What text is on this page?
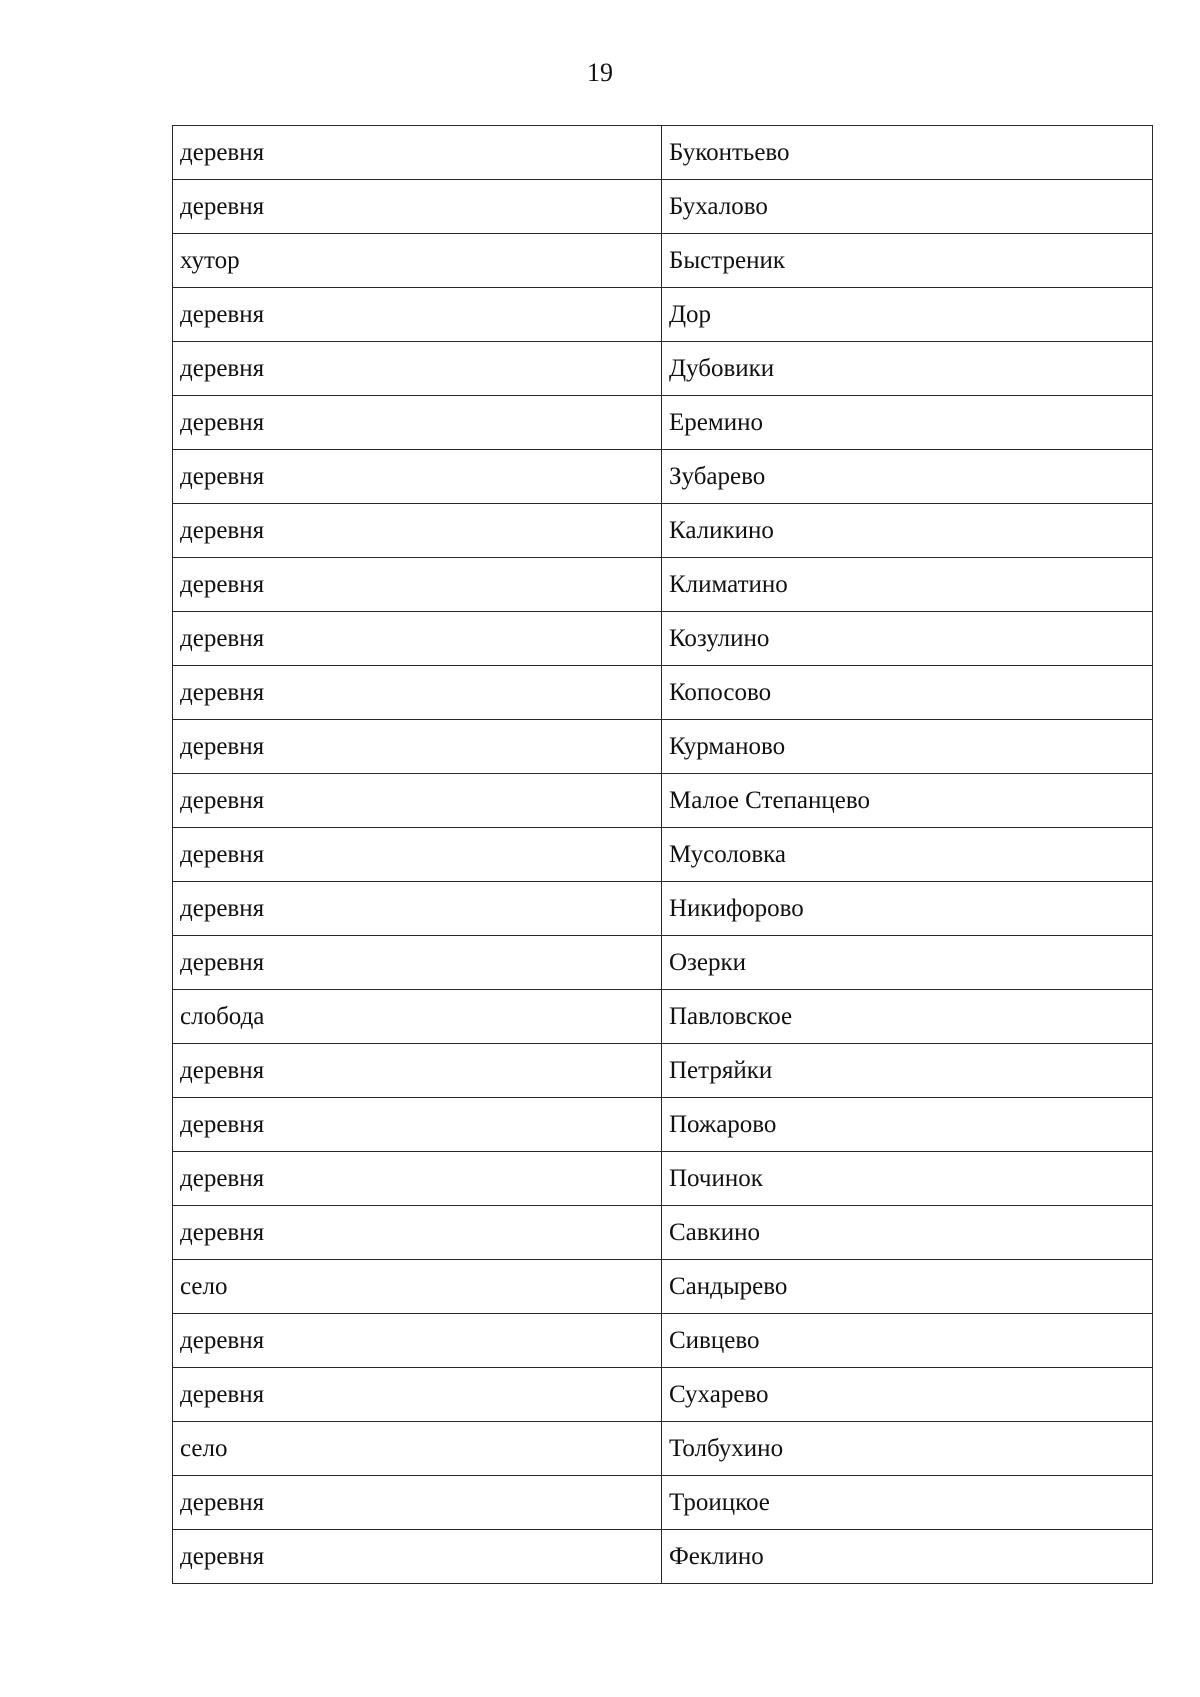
19
деревня	Буконтьево
деревня	Бухалово
хутор	Быстреник
деревня	Дор
деревня	Дубовики
деревня	Еремино
деревня	Зубарево
деревня	Каликино
деревня	Климатино
деревня	Козулино
деревня	Копосово
деревня	Курманово
деревня	Малое Степанцево
деревня	Мусоловка
деревня	Никифорово
деревня	Озерки
слобода	Павловское
деревня	Петряйки
деревня	Пожарово
деревня	Починок
деревня	Савкино
село	Сандырево
деревня	Сивцево
деревня	Сухарево
село	Толбухино
деревня	Троицкое
деревня	Феклино
